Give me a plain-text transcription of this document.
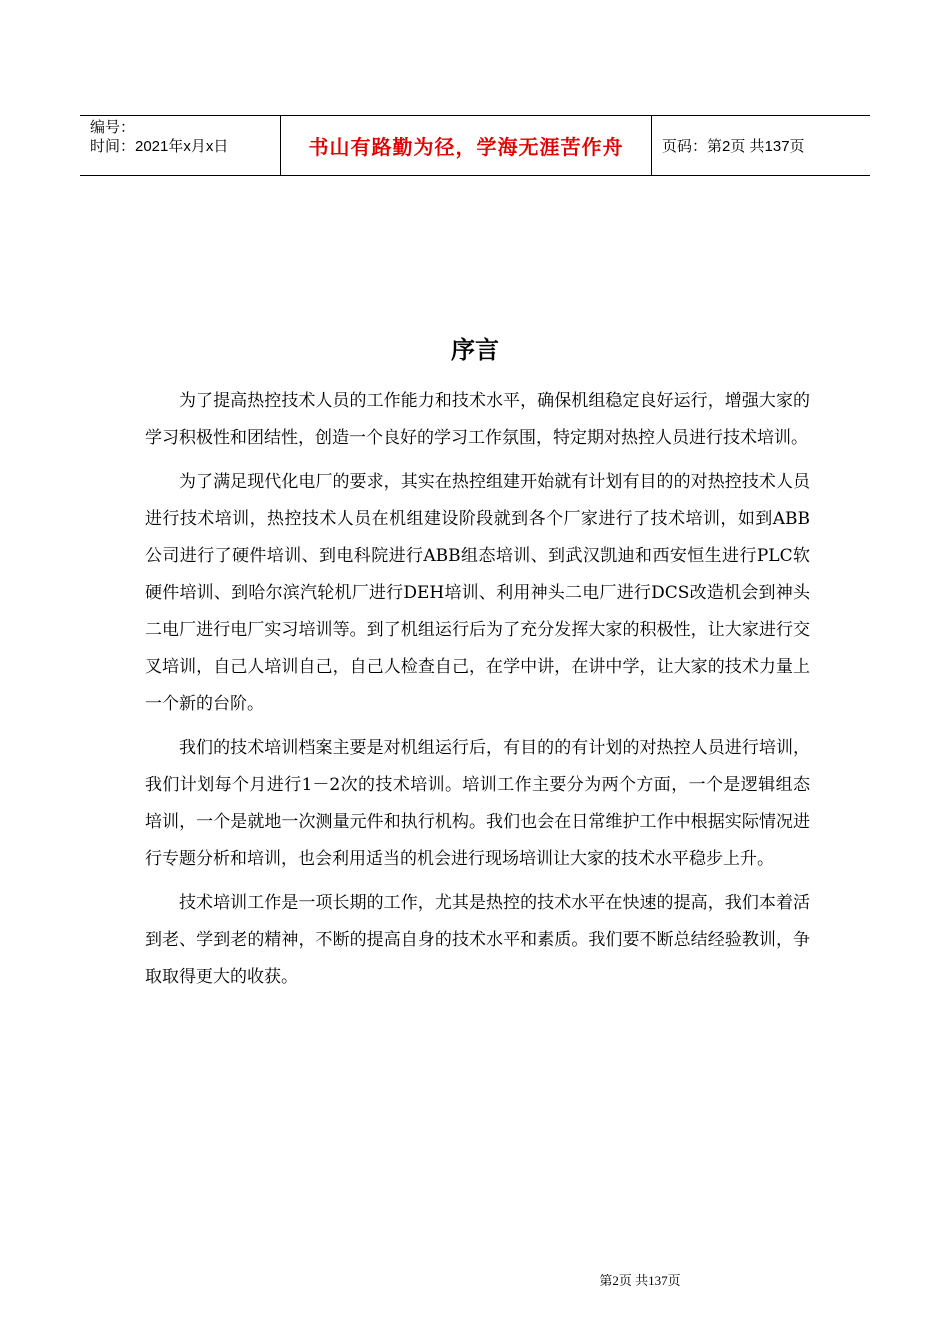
编号：
时间：2021年x月x日	书山有路勤为径，学海无涯苦作舟	页码：第2页 共137页
序言

为了提高热控技术人员的工作能力和技术水平，确保机组稳定良好运行，增强大家的学习积极性和团结性，创造一个良好的学习工作氛围，特定期对热控人员进行技术培训。

为了满足现代化电厂的要求，其实在热控组建开始就有计划有目的的对热控技术人员进行技术培训，热控技术人员在机组建设阶段就到各个厂家进行了技术培训，如到ABB公司进行了硬件培训、到电科院进行ABB组态培训、到武汉凯迪和西安恒生进行PLC软硬件培训、到哈尔滨汽轮机厂进行DEH培训、利用神头二电厂进行DCS改造机会到神头二电厂进行电厂实习培训等。到了机组运行后为了充分发挥大家的积极性，让大家进行交叉培训，自己人培训自己，自己人检查自己，在学中讲，在讲中学，让大家的技术力量上一个新的台阶。

我们的技术培训档案主要是对机组运行后，有目的的有计划的对热控人员进行培训，我们计划每个月进行1－2次的技术培训。培训工作主要分为两个方面，一个是逻辑组态培训，一个是就地一次测量元件和执行机构。我们也会在日常维护工作中根据实际情况进行专题分析和培训，也会利用适当的机会进行现场培训让大家的技术水平稳步上升。

技术培训工作是一项长期的工作，尤其是热控的技术水平在快速的提高，我们本着活到老、学到老的精神，不断的提高自身的技术水平和素质。我们要不断总结经验教训，争取取得更大的收获。

第2页 共137页
